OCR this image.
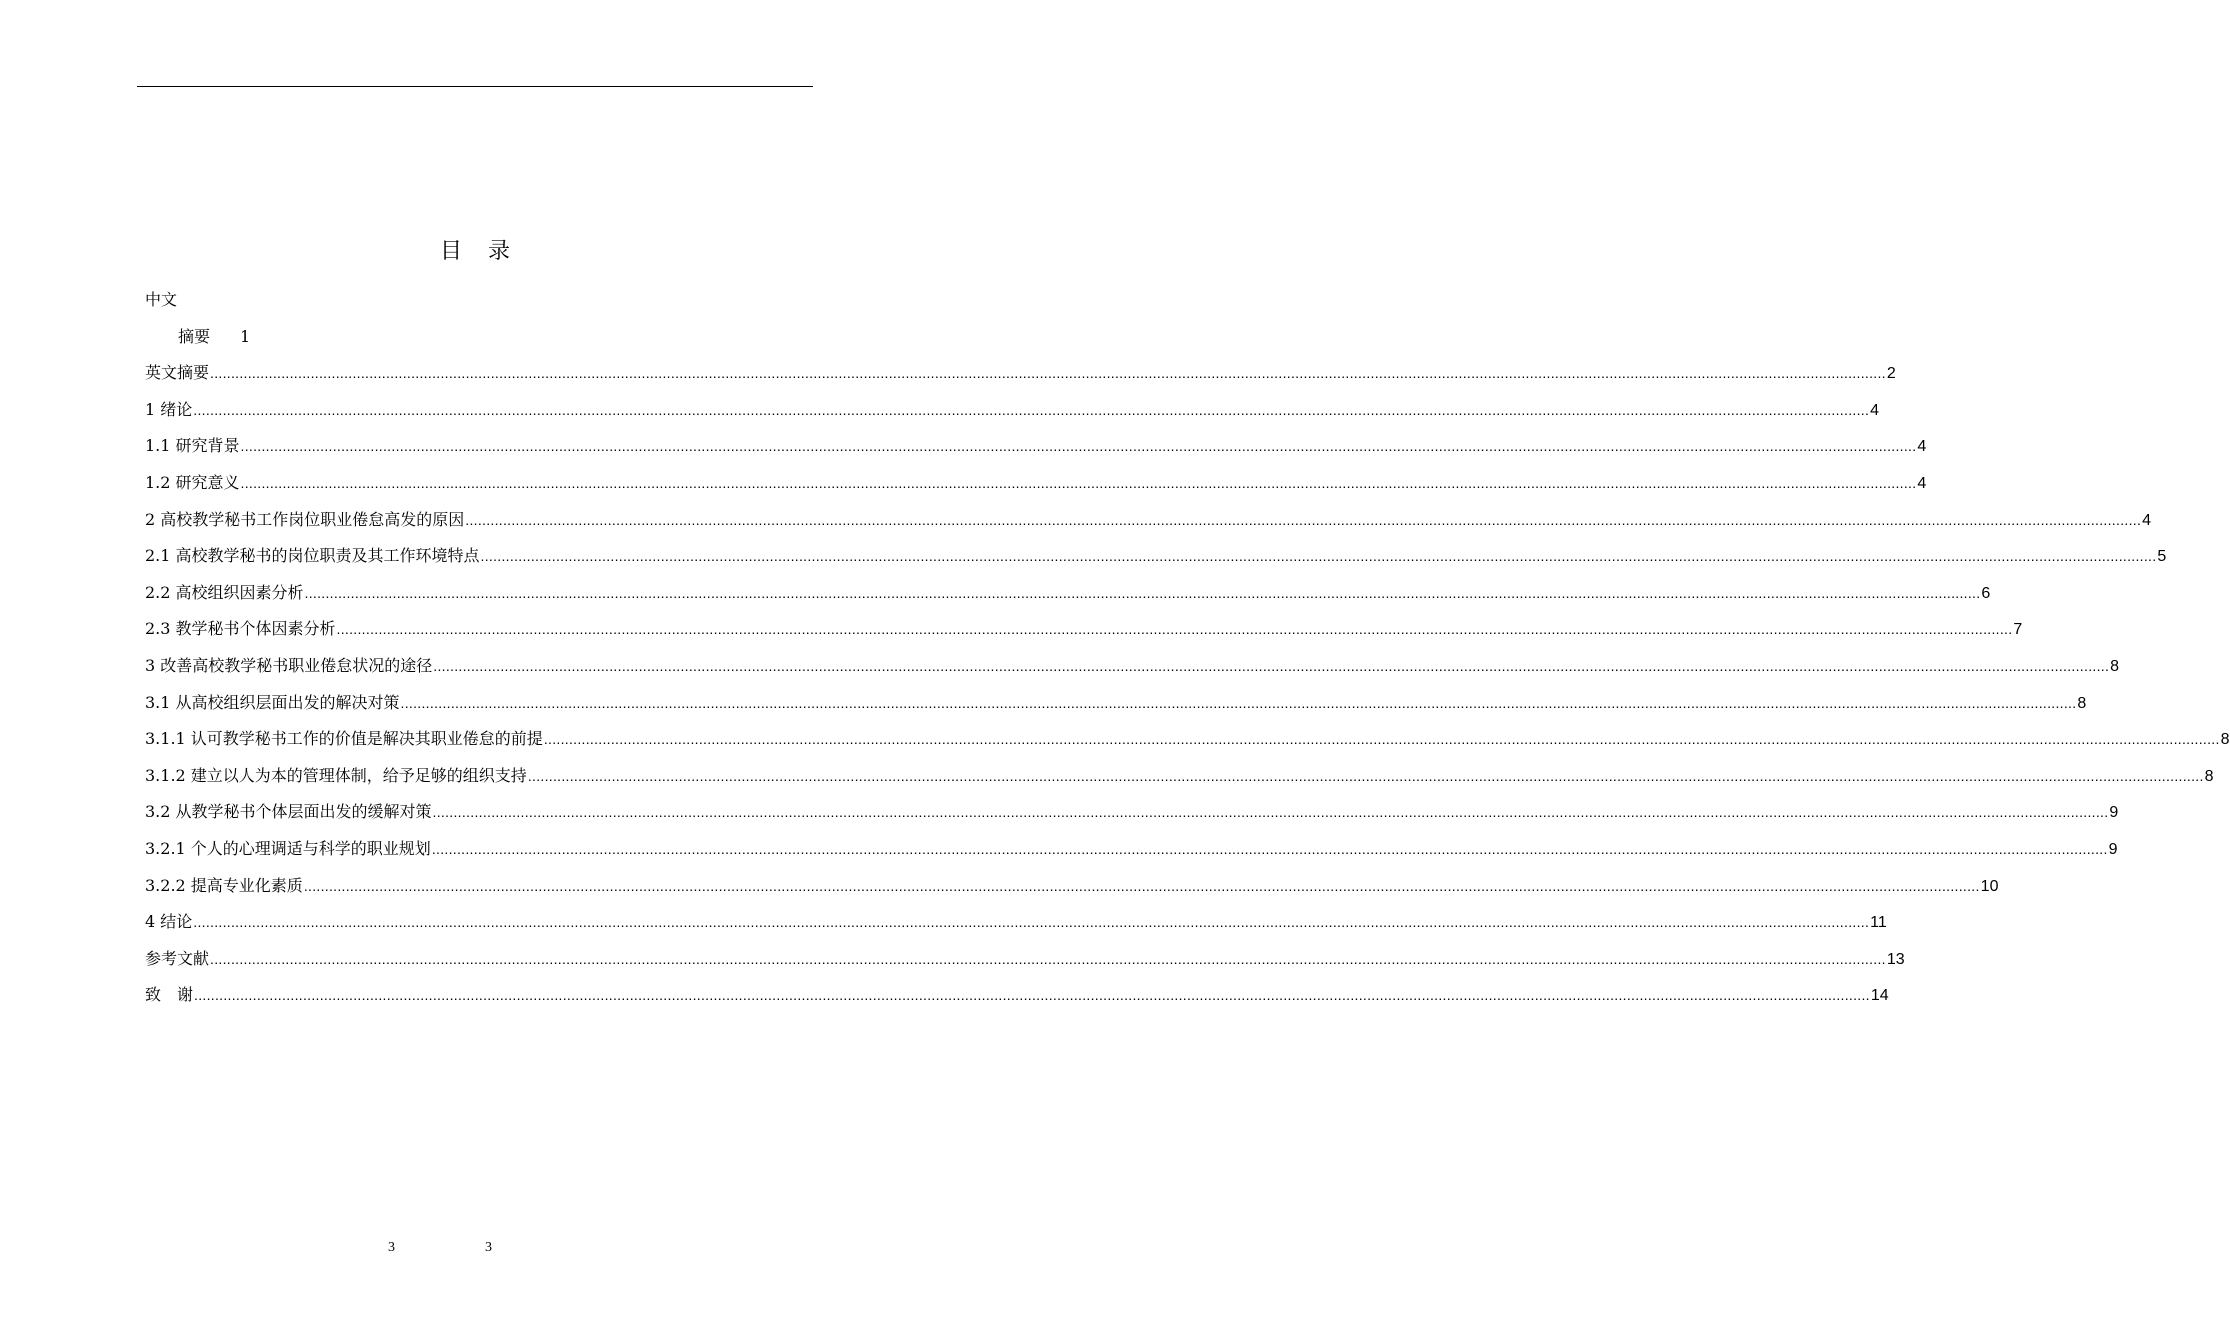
目录
中文
摘要 1
英文摘要 ................................................................................................................................................................................................................................................................................................................................................................................................................ 2
1 绪论 ................................................................................................................................................................................................................................................................................................................................................................................................................ 4
1.1 研究背景 ................................................................................................................................................................................................................................................................................................................................................................................................................ 4
1.2 研究意义 ................................................................................................................................................................................................................................................................................................................................................................................................................ 4
2 高校教学秘书工作岗位职业倦怠高发的原因 ................................................................................................................................................................................................................................................................................................................................................................................................................ 4
2.1 高校教学秘书的岗位职责及其工作环境特点 ................................................................................................................................................................................................................................................................................................................................................................................................................ 5
2.2 高校组织因素分析 ................................................................................................................................................................................................................................................................................................................................................................................................................ 6
2.3 教学秘书个体因素分析 ................................................................................................................................................................................................................................................................................................................................................................................................................ 7
3 改善高校教学秘书职业倦怠状况的途径 ................................................................................................................................................................................................................................................................................................................................................................................................................ 8
3.1 从高校组织层面出发的解决对策 ................................................................................................................................................................................................................................................................................................................................................................................................................ 8
3.1.1 认可教学秘书工作的价值是解决其职业倦怠的前提 ................................................................................................................................................................................................................................................................................................................................................................................................................ 8
3.1.2 建立以人为本的管理体制，给予足够的组织支持 ................................................................................................................................................................................................................................................................................................................................................................................................................ 8
3.2 从教学秘书个体层面出发的缓解对策 ................................................................................................................................................................................................................................................................................................................................................................................................................ 9
3.2.1 个人的心理调适与科学的职业规划 ................................................................................................................................................................................................................................................................................................................................................................................................................ 9
3.2.2 提高专业化素质 ................................................................................................................................................................................................................................................................................................................................................................................................................ 10
4 结论 ................................................................................................................................................................................................................................................................................................................................................................................................................ 11
参考文献 ................................................................................................................................................................................................................................................................................................................................................................................................................ 13
致　谢 ................................................................................................................................................................................................................................................................................................................................................................................................................ 14
3	3
